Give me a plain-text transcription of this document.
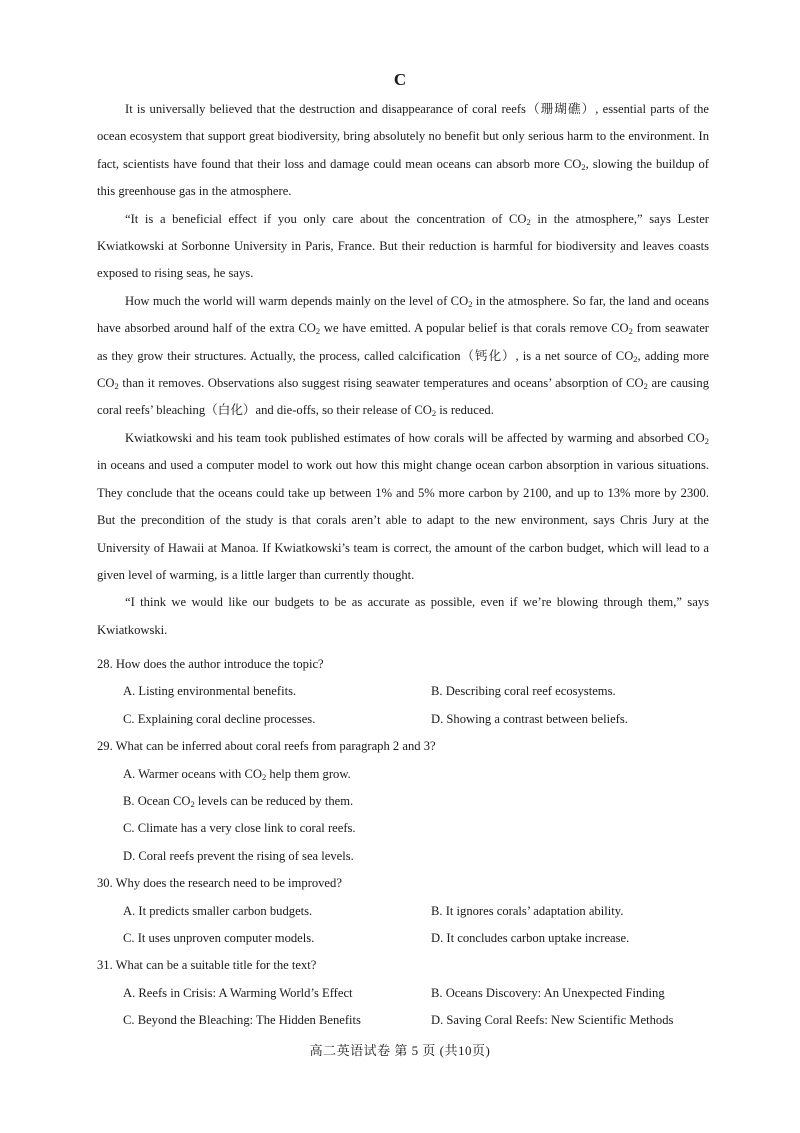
C

It is universally believed that the destruction and disappearance of coral reefs（珊瑚礁）, essential parts of the ocean ecosystem that support great biodiversity, bring absolutely no benefit but only serious harm to the environment. In fact, scientists have found that their loss and damage could mean oceans can absorb more $CO_2$, slowing the buildup of this greenhouse gas in the atmosphere.

“It is a beneficial effect if you only care about the concentration of $CO_2$ in the atmosphere,” says Lester Kwiatkowski at Sorbonne University in Paris, France. But their reduction is harmful for biodiversity and leaves coasts exposed to rising seas, he says.

How much the world will warm depends mainly on the level of $CO_2$ in the atmosphere. So far, the land and oceans have absorbed around half of the extra $CO_2$ we have emitted. A popular belief is that corals remove $CO_2$ from seawater as they grow their structures. Actually, the process, called calcification（钙化）, is a net source of $CO_2$, adding more $CO_2$ than it removes. Observations also suggest rising seawater temperatures and oceans’ absorption of $CO_2$ are causing coral reefs’ bleaching（白化）and die-offs, so their release of $CO_2$ is reduced.

Kwiatkowski and his team took published estimates of how corals will be affected by warming and absorbed $CO_2$ in oceans and used a computer model to work out how this might change ocean carbon absorption in various situations. They conclude that the oceans could take up between 1% and 5% more carbon by 2100, and up to 13% more by 2300. But the precondition of the study is that corals aren’t able to adapt to the new environment, says Chris Jury at the University of Hawaii at Manoa. If Kwiatkowski’s team is correct, the amount of the carbon budget, which will lead to a given level of warming, is a little larger than currently thought.

“I think we would like our budgets to be as accurate as possible, even if we’re blowing through them,” says Kwiatkowski.

28. How does the author introduce the topic?
A. Listing environmental benefits.	B. Describing coral reef ecosystems.
C. Explaining coral decline processes.	D. Showing a contrast between beliefs.
29. What can be inferred about coral reefs from paragraph 2 and 3?
A. Warmer oceans with $CO_2$ help them grow.
B. Ocean $CO_2$ levels can be reduced by them.
C. Climate has a very close link to coral reefs.
D. Coral reefs prevent the rising of sea levels.
30. Why does the research need to be improved?
A. It predicts smaller carbon budgets.	B. It ignores corals’ adaptation ability.
C. It uses unproven computer models.	D. It concludes carbon uptake increase.
31. What can be a suitable title for the text?
A. Reefs in Crisis: A Warming World’s Effect	B. Oceans Discovery: An Unexpected Finding
C. Beyond the Bleaching: The Hidden Benefits	D. Saving Coral Reefs: New Scientific Methods
高二英语试卷 第 5 页 (共10页)
